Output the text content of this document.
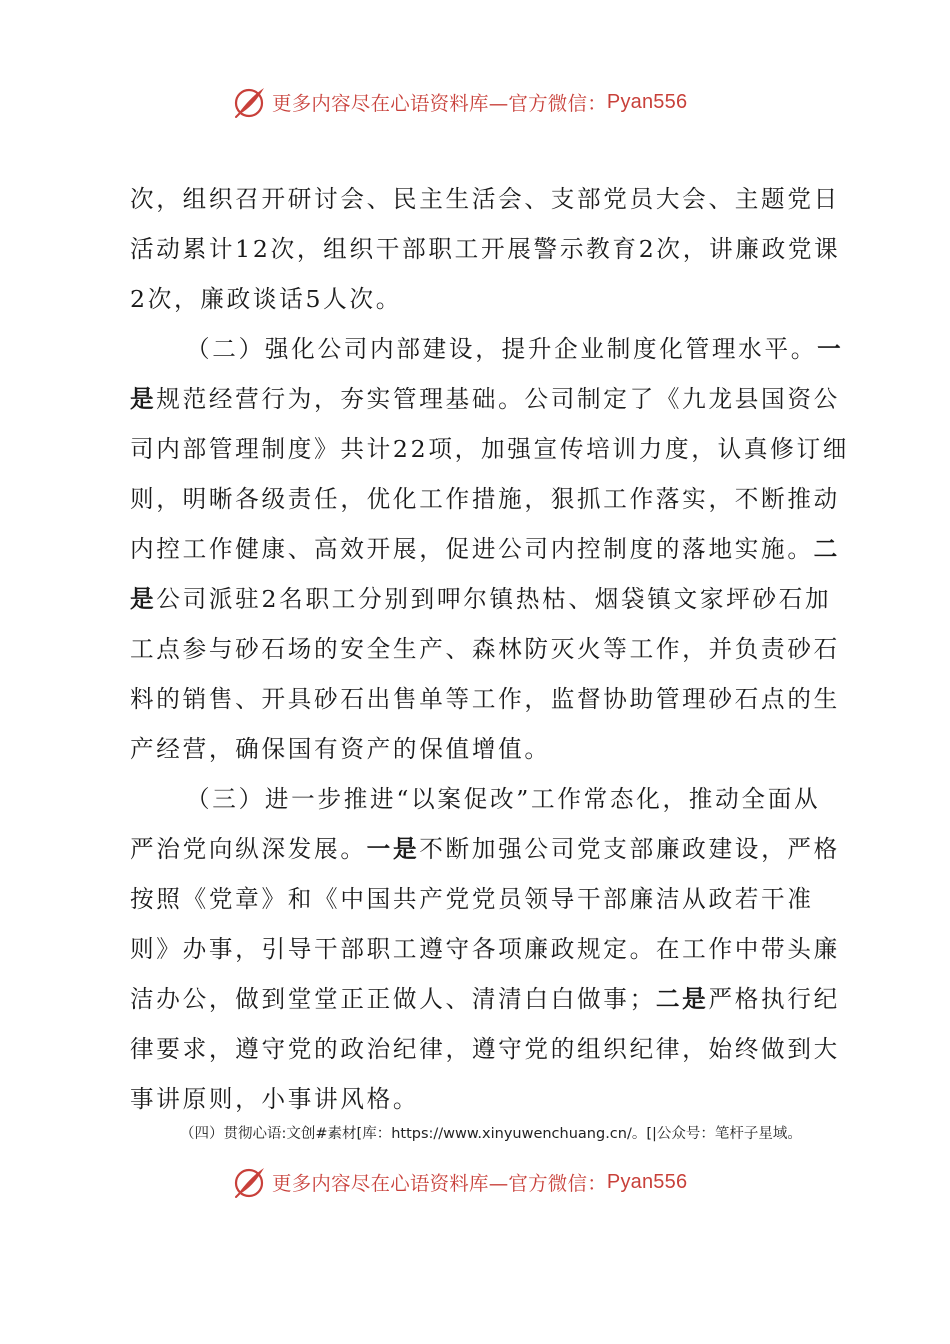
更多内容尽在心语资料库—官方微信： Pyan556

次，组织召开研讨会、民主生活会、支部党员大会、主题党日
活动累计12次，组织干部职工开展警示教育2次，讲廉政党课
2次，廉政谈话5人次。

（二）强化公司内部建设，提升企业制度化管理水平。一
是规范经营行为，夯实管理基础。公司制定了《九龙县国资公
司内部管理制度》共计22项，加强宣传培训力度，认真修订细
则，明晰各级责任，优化工作措施，狠抓工作落实，不断推动
内控工作健康、高效开展，促进公司内控制度的落地实施。二
是公司派驻2名职工分别到呷尔镇热枯、烟袋镇文家坪砂石加
工点参与砂石场的安全生产、森林防灭火等工作，并负责砂石
料的销售、开具砂石出售单等工作，监督协助管理砂石点的生
产经营，确保国有资产的保值增值。

（三）进一步推进“以案促改”工作常态化，推动全面从
严治党向纵深发展。一是不断加强公司党支部廉政建设，严格
按照《党章》和《中国共产党党员领导干部廉洁从政若干准
则》办事，引导干部职工遵守各项廉政规定。在工作中带头廉
洁办公，做到堂堂正正做人、清清白白做事；二是严格执行纪
律要求，遵守党的政治纪律，遵守党的组织纪律，始终做到大
事讲原则，小事讲风格。

（四）贯彻心语:文创#素材[库：https://www.xinyuwenchuang.cn/。[|公众号：笔杆子星域。
更多内容尽在心语资料库—官方微信： Pyan556
